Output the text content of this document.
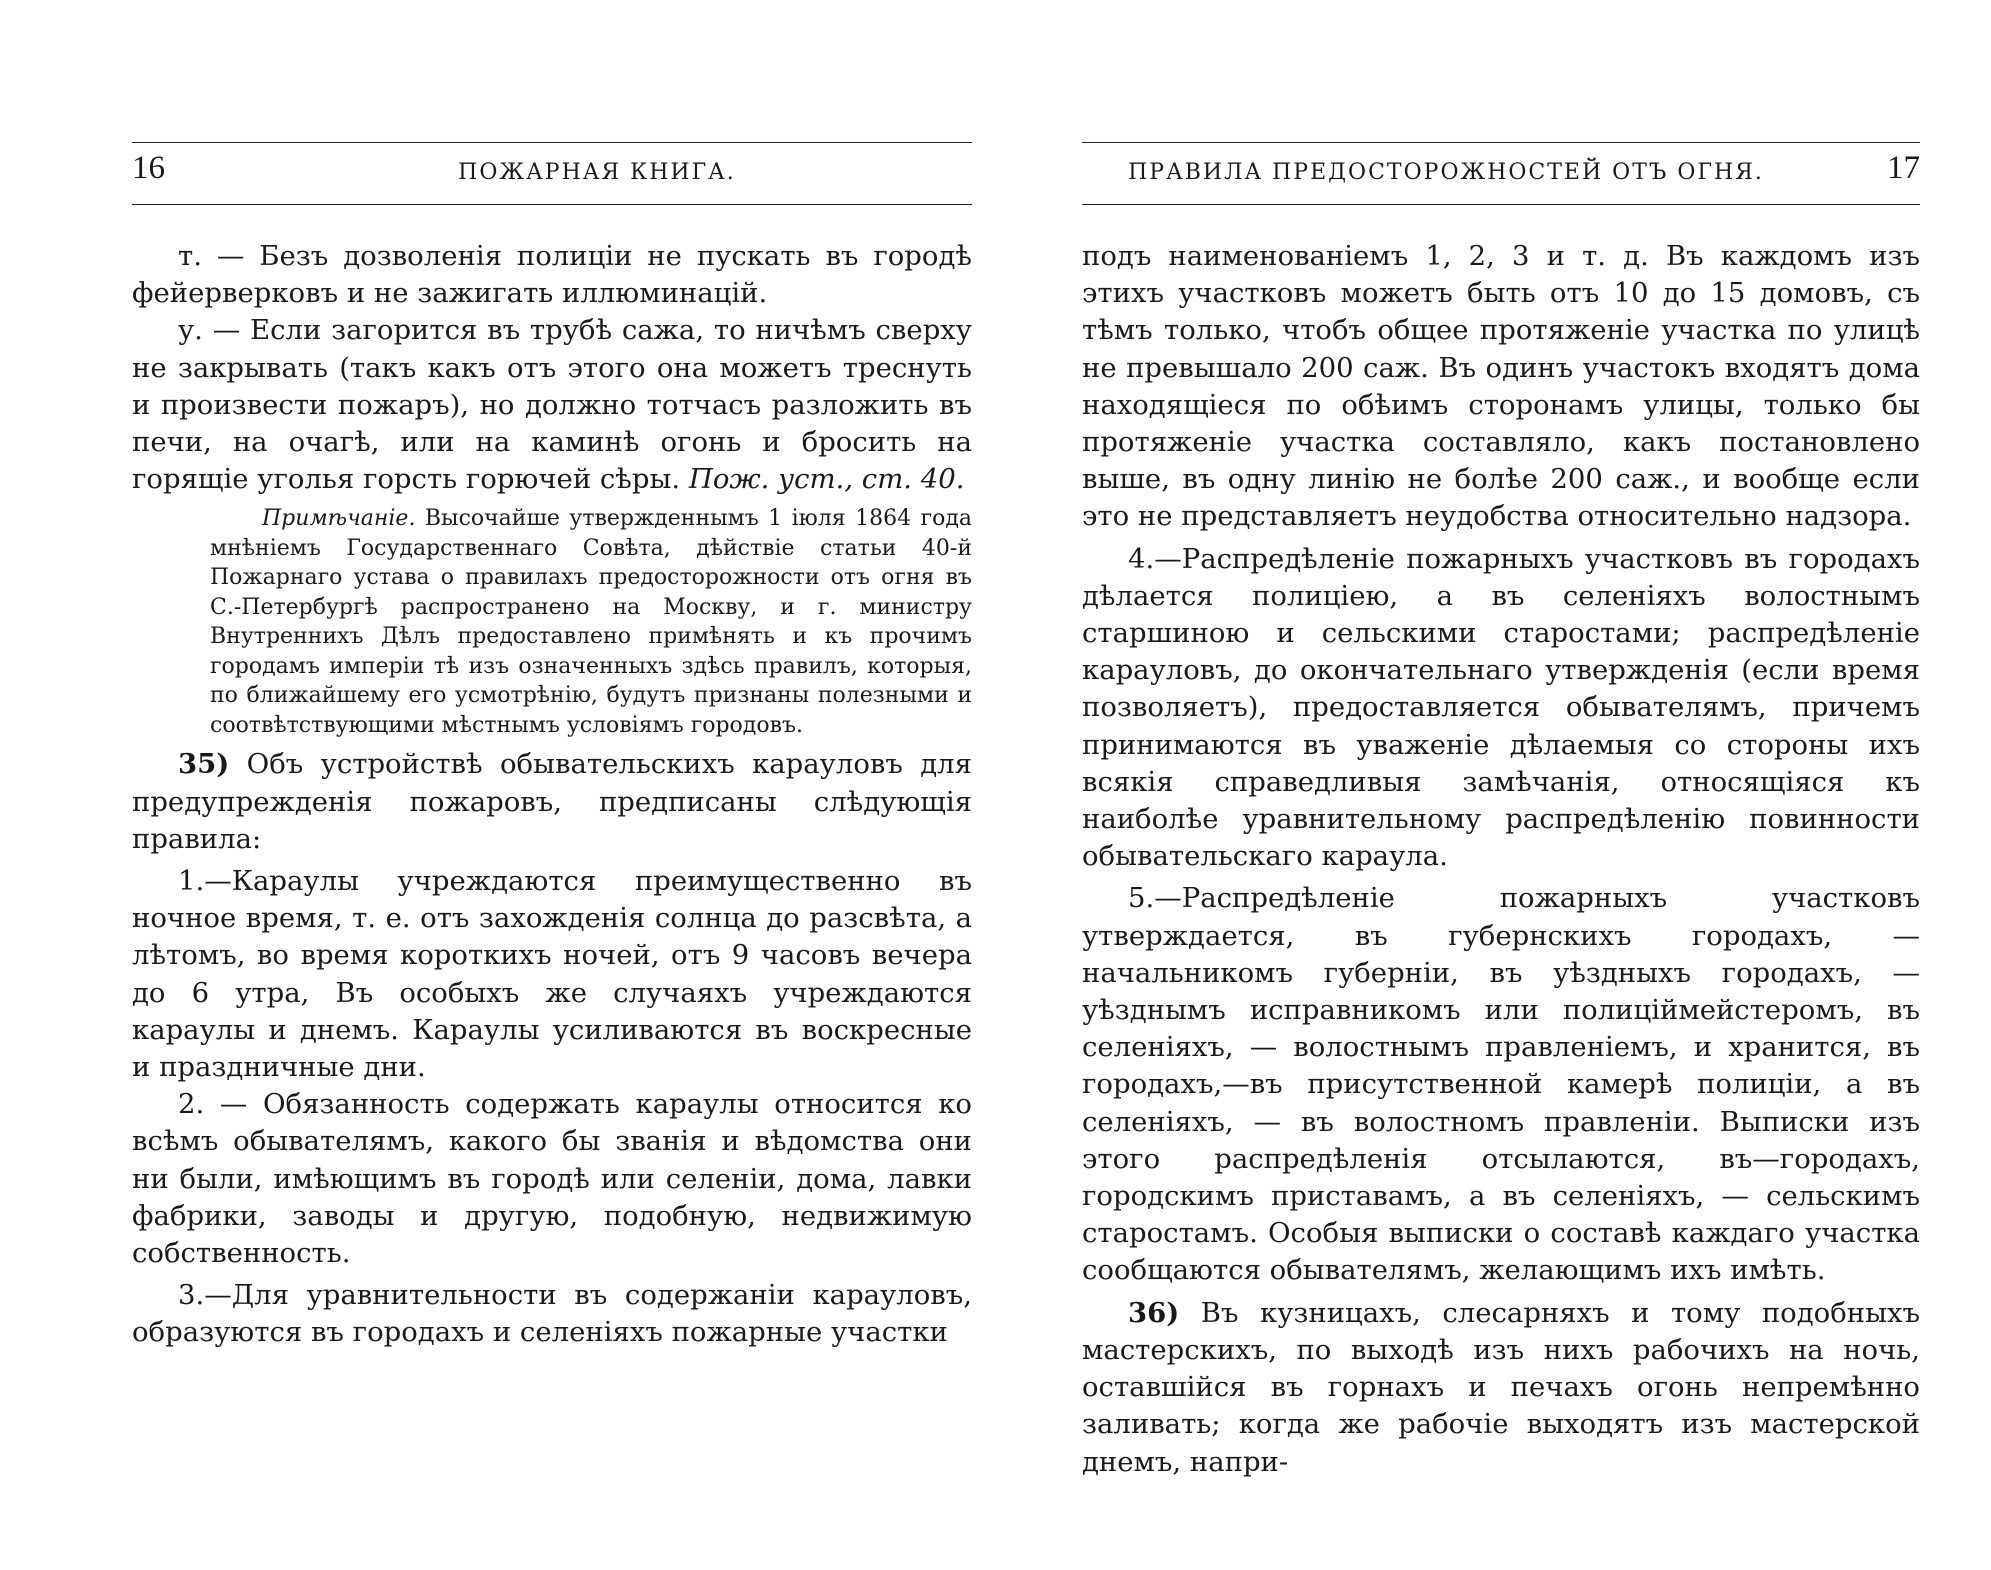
16	ПОЖАРНАЯ КНИГА.

т. — Безъ дозволенія полиціи не пускать въ городѣ фейерверковъ и не зажигать иллюминацій.

у. — Если загорится въ трубѣ сажа, то ничѣмъ сверху не закрывать (такъ какъ отъ этого она можетъ треснуть и произвести пожаръ), но должно тотчасъ разложить въ печи, на очагѣ, или на каминѣ огонь и бросить на горящіе уголья горсть горючей сѣры. Пож. уст., ст. 40.

Примѣчаніе. Высочайше утвержденнымъ 1 іюля 1864 года мнѣніемъ Государственнаго Совѣта, дѣйствіе статьи 40-й Пожарнаго устава о правилахъ предосторожности отъ огня въ С.-Петербургѣ распространено на Москву, и г. министру Внутреннихъ Дѣлъ предоставлено примѣнять и къ прочимъ городамъ имперіи тѣ изъ означенныхъ здѣсь правилъ, которыя, по ближайшему его усмотрѣнію, будутъ признаны полезными и соотвѣтствующими мѣстнымъ условіямъ городовъ.

35) Объ устройствѣ обывательскихъ карауловъ для предупрежденія пожаровъ, предписаны слѣдующія правила:

1.—Караулы учреждаются преимущественно въ ночное время, т. е. отъ захожденія солнца до разсвѣта, а лѣтомъ, во время короткихъ ночей, отъ 9 часовъ вечера до 6 утра, Въ особыхъ же случаяхъ учреждаются караулы и днемъ. Караулы усиливаются въ воскресные и праздничные дни.

2. — Обязанность содержать караулы относится ко всѣмъ обывателямъ, какого бы званія и вѣдомства они ни были, имѣющимъ въ городѣ или селеніи, дома, лавки фабрики, заводы и другую, подобную, недвижимую собственность.

3.—Для уравнительности въ содержаніи карауловъ, образуются въ городахъ и селеніяхъ пожарные участки

ПРАВИЛА ПРЕДОСТОРОЖНОСТЕЙ ОТЪ ОГНЯ.	17

подъ наименованіемъ 1, 2, 3 и т. д. Въ каждомъ изъ этихъ участковъ можетъ быть отъ 10 до 15 домовъ, съ тѣмъ только, чтобъ общее протяженіе участка по улицѣ не превышало 200 саж. Въ одинъ участокъ входятъ дома находящіеся по обѣимъ сторонамъ улицы, только бы протяженіе участка составляло, какъ постановлено выше, въ одну линію не болѣе 200 саж., и вообще если это не представляетъ неудобства относительно надзора.

4.—Распредѣленіе пожарныхъ участковъ въ городахъ дѣлается полиціею, а въ селеніяхъ волостнымъ старшиною и сельскими старостами; распредѣленіе карауловъ, до окончательнаго утвержденія (если время позволяетъ), предоставляется обывателямъ, причемъ принимаются въ уваженіе дѣлаемыя со стороны ихъ всякія справедливыя замѣчанія, относящіяся къ наиболѣе уравнительному распредѣленію повинности обывательскаго караула.

5.—Распредѣленіе пожарныхъ участковъ утверждается, въ губернскихъ городахъ, — начальникомъ губерніи, въ уѣздныхъ городахъ, — уѣзднымъ исправникомъ или полиціймейстеромъ, въ селеніяхъ, — волостнымъ правленіемъ, и хранится, въ городахъ,—въ присутственной камерѣ полиціи, а въ селеніяхъ, — въ волостномъ правленіи. Выписки изъ этого распредѣленія отсылаются, въ—городахъ, городскимъ приставамъ, а въ селеніяхъ, — сельскимъ старостамъ. Особыя выписки о составѣ каждаго участка сообщаются обывателямъ, желающимъ ихъ имѣть.

36) Въ кузницахъ, слесарняхъ и тому подобныхъ мастерскихъ, по выходѣ изъ нихъ рабочихъ на ночь, оставшійся въ горнахъ и печахъ огонь непремѣнно заливать; когда же рабочіе выходятъ изъ мастерской днемъ, напри-
